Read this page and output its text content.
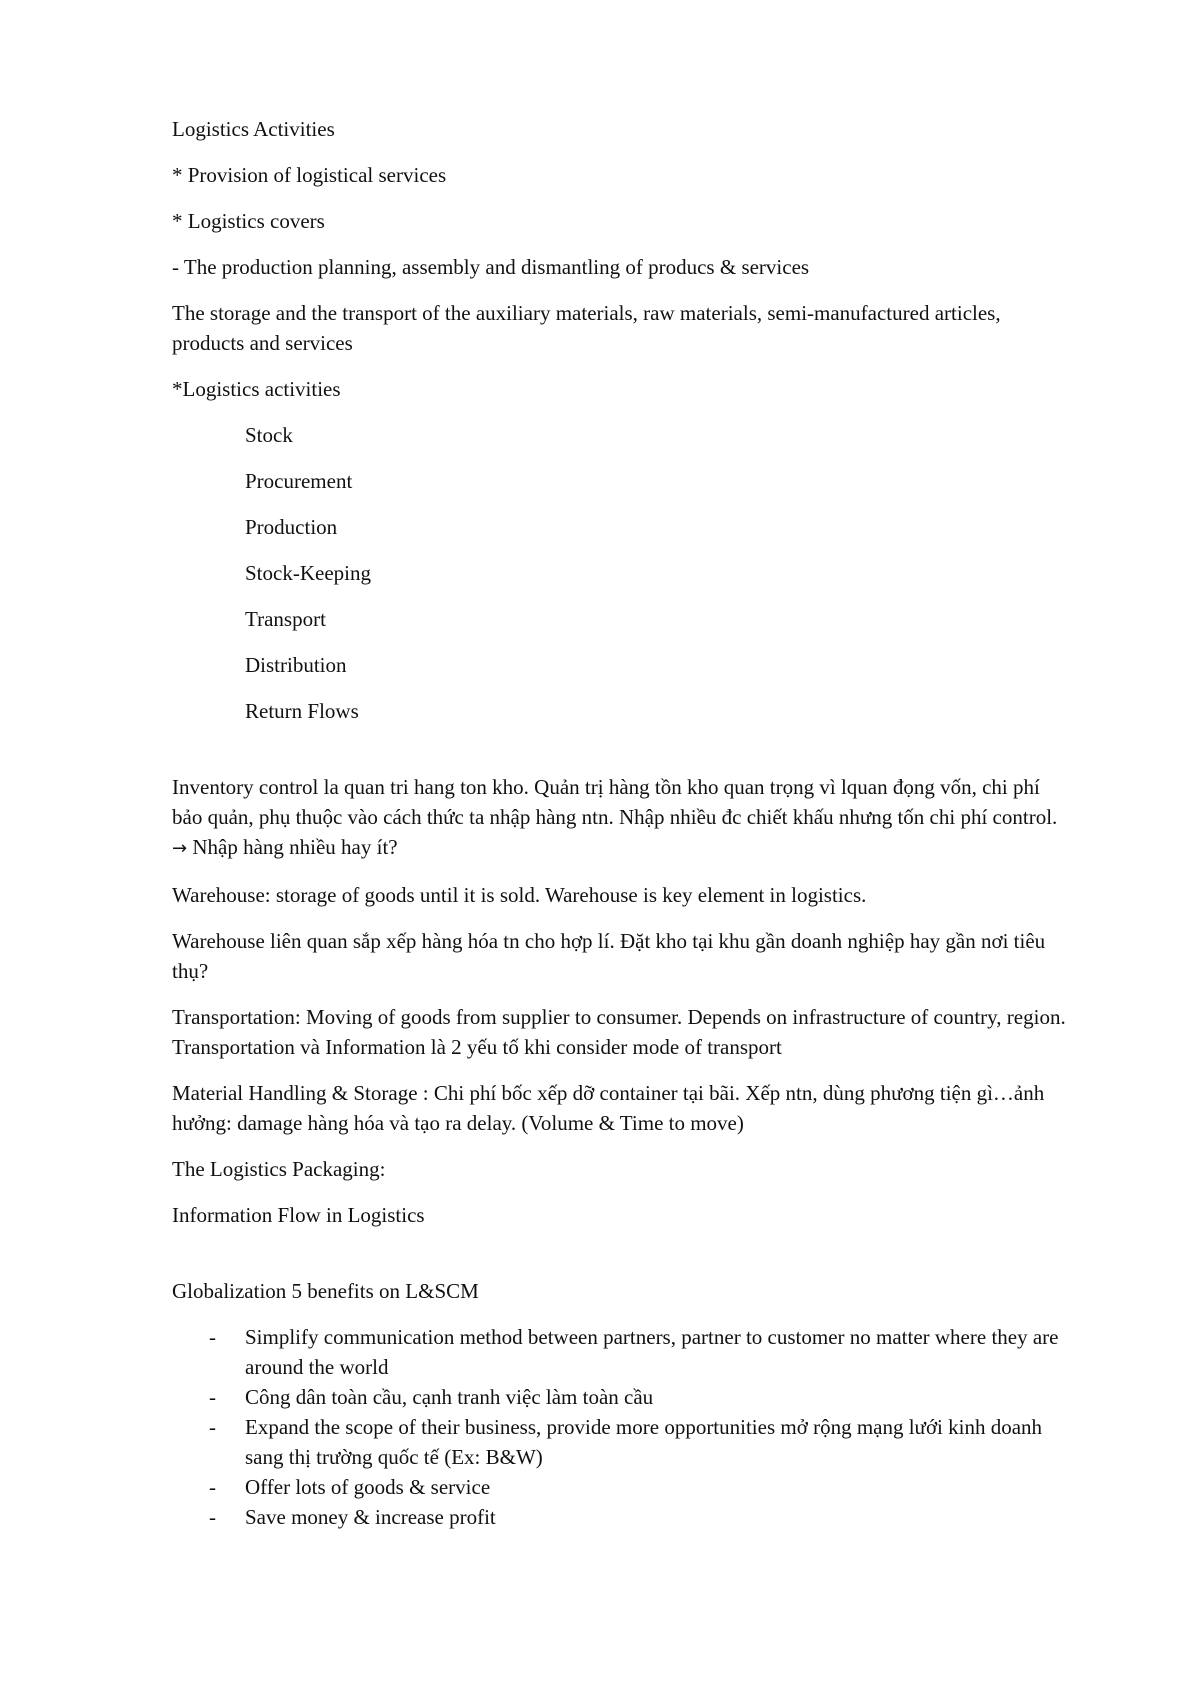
Logistics Activities

* Provision of logistical services

* Logistics covers

- The production planning, assembly and dismantling of producs & services

The storage and the transport of the auxiliary materials, raw materials, semi-manufactured articles, products and services

*Logistics activities

Stock
Procurement
Production
Stock-Keeping
Transport
Distribution
Return Flows

Inventory control la quan tri hang ton kho. Quản trị hàng tồn kho quan trọng vì lquan đọng vốn, chi phí bảo quản, phụ thuộc vào cách thức ta nhập hàng ntn. Nhập nhiều đc chiết khấu nhưng tốn chi phí control. → Nhập hàng nhiều hay ít?

Warehouse: storage of goods until it is sold. Warehouse is key element in logistics.

Warehouse liên quan sắp xếp hàng hóa tn cho hợp lí. Đặt kho tại khu gần doanh nghiệp hay gần nơi tiêu thụ?

Transportation: Moving of goods from supplier to consumer. Depends on infrastructure of country, region. Transportation và Information là 2 yếu tố khi consider mode of transport

Material Handling & Storage : Chi phí bốc xếp dỡ container tại bãi. Xếp ntn, dùng phương tiện gì…ảnh hưởng: damage hàng hóa và tạo ra delay. (Volume & Time to move)

The Logistics Packaging:

Information Flow in Logistics

Globalization 5 benefits on L&SCM

- Simplify communication method between partners, partner to customer no matter where they are around the world
- Công dân toàn cầu, cạnh tranh việc làm toàn cầu
- Expand the scope of their business, provide more opportunities mở rộng mạng lưới kinh doanh sang thị trường quốc tế (Ex: B&W)
- Offer lots of goods & service
- Save money & increase profit
